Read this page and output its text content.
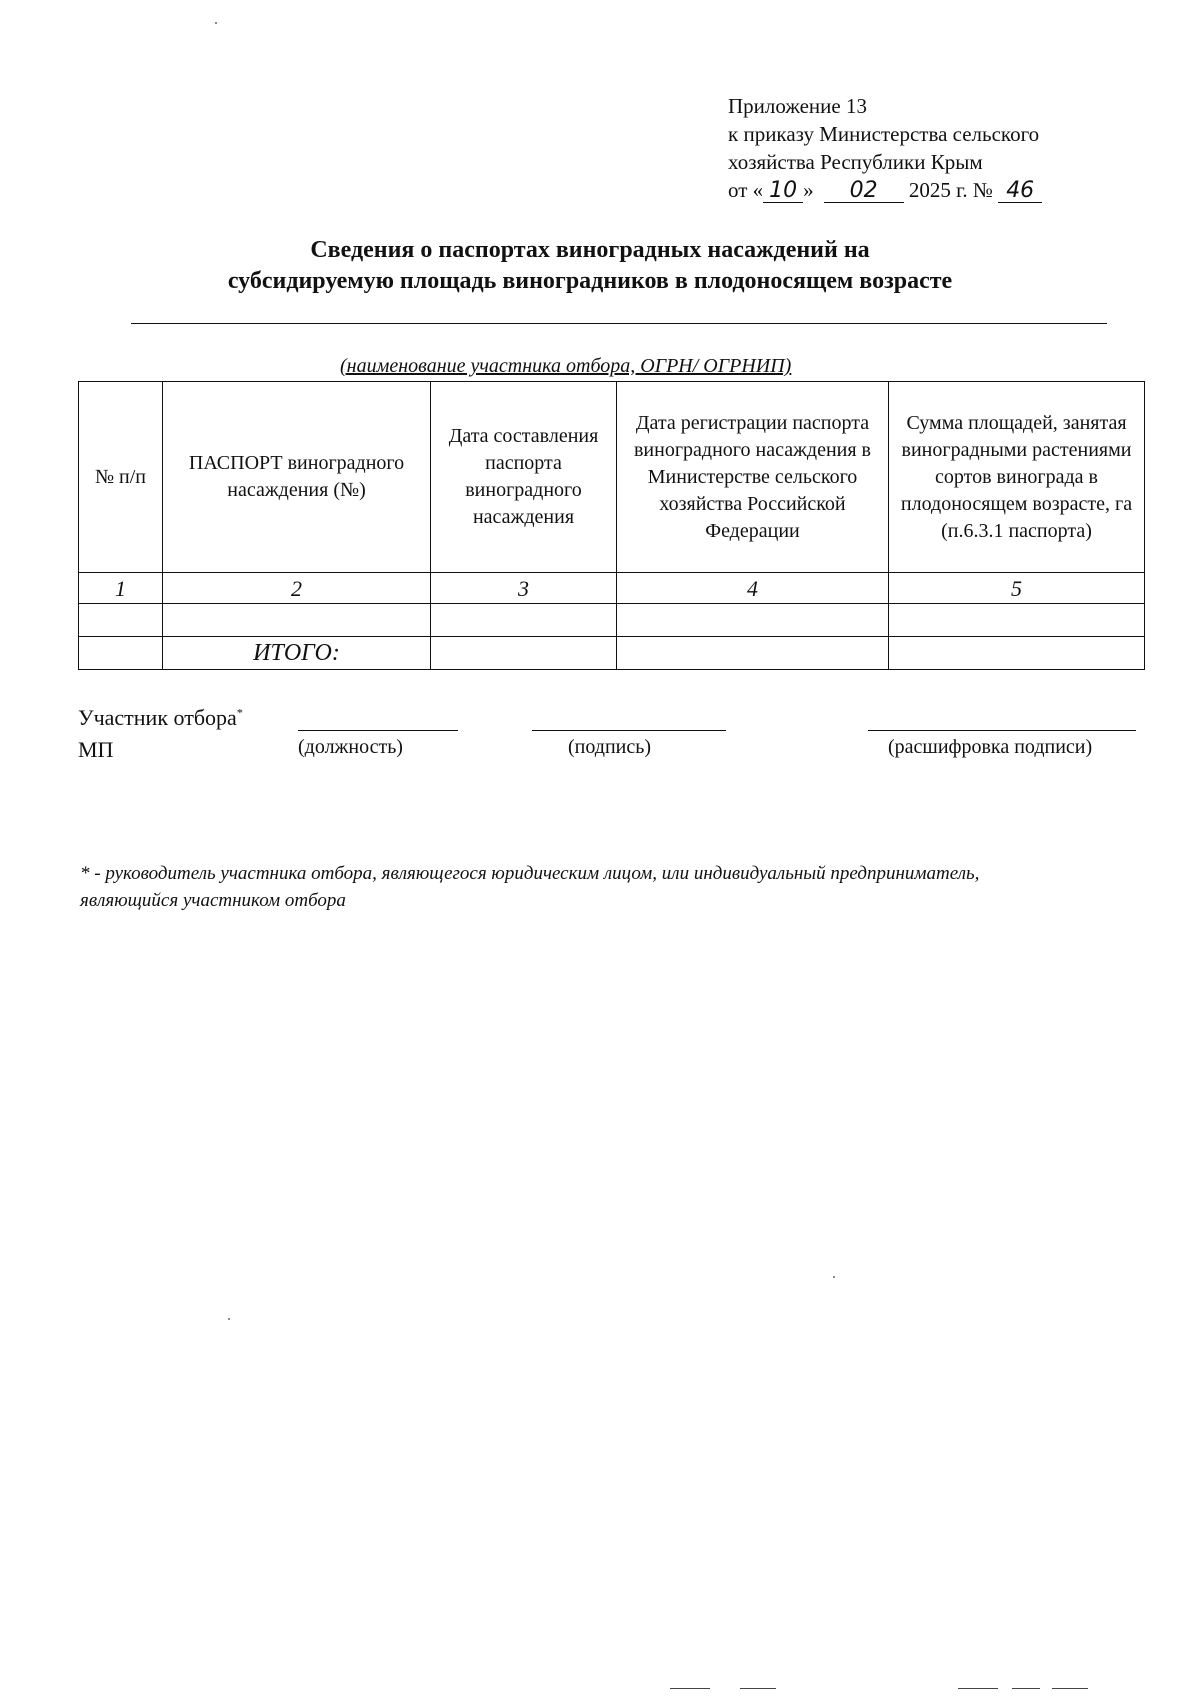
Приложение 13
к приказу Министерства сельского
хозяйства Республики Крым
от « 10 » 02 2025 г. № 46
Сведения о паспортах виноградных насаждений на
субсидируемую площадь виноградников в плодоносящем возрасте
(наименование участника отбора, ОГРН/ ОГРНИП)
№ п/п	ПАСПОРТ виноградного насаждения (№)	Дата составления паспорта виноградного насаждения	Дата регистрации паспорта виноградного насаждения в Министерстве сельского хозяйства Российской Федерации	Сумма площадей, занятая виноградными растениями сортов винограда в плодоносящем возрасте, га (п.6.3.1 паспорта)
1	2	3	4	5

	ИТОГО:			
Участник отбора*
МП	(должность)	(подпись)	(расшифровка подписи)
* - руководитель участника отбора, являющегося юридическим лицом, или индивидуальный предприниматель, являющийся участником отбора
